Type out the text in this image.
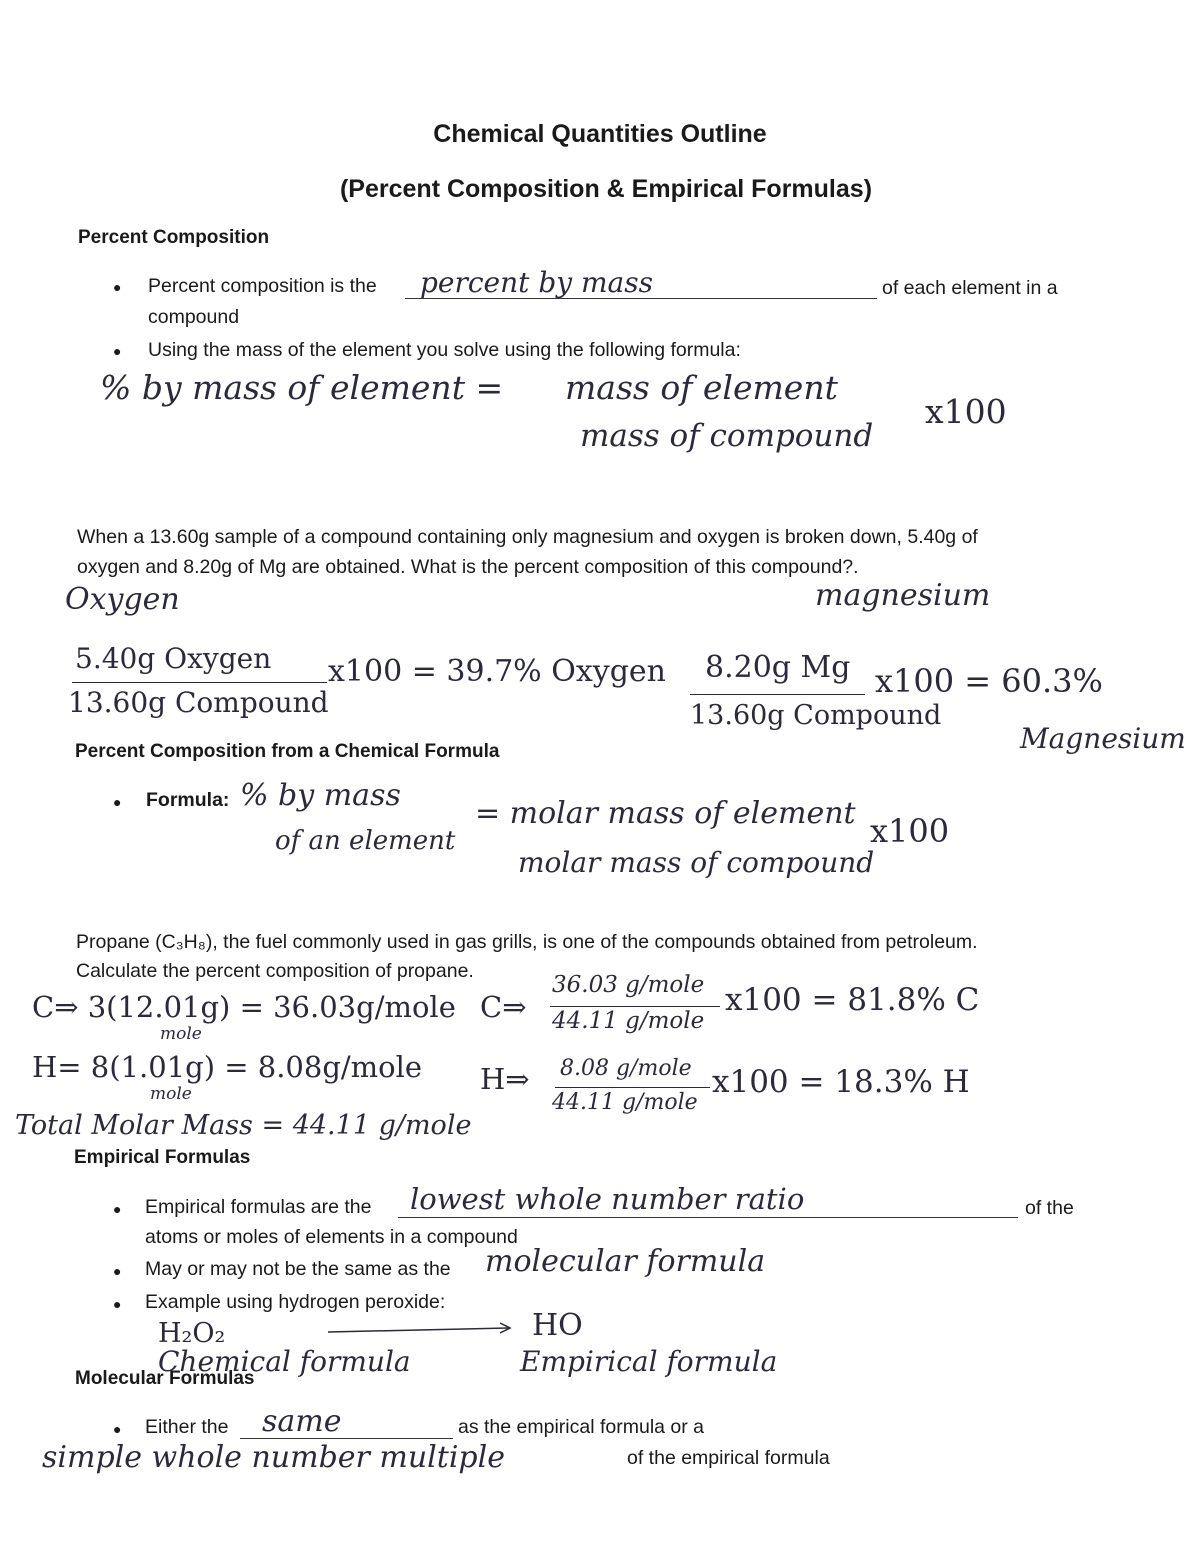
Chemical Quantities Outline
(Percent Composition & Empirical Formulas)
Percent Composition
● Percent composition is the percent by mass	of each element in a
compound
● Using the mass of the element you solve using the following formula:
% by mass of element = mass of element
mass of compound
x100
When a 13.60g sample of a compound containing only magnesium and oxygen is broken down, 5.40g of
oxygen and 8.20g of Mg are obtained. What is the percent composition of this compound?.
Oxygen	magnesium
5.40g Oxygen
13.60g Compound
x100 = 39.7% Oxygen 8.20g Mg
13.60g Compound
x100 = 60.3%
Magnesium
Percent Composition from a Chemical Formula
● Formula: % by mass
of an element
= molar mass of element
molar mass of compound
x100
Propane (C₃H₈), the fuel commonly used in gas grills, is one of the compounds obtained from petroleum.
Calculate the percent composition of propane.
C⇒ 3(12.01g) = 36.03g/mole
mole
H= 8(1.01g) = 8.08g/mole
mole
Total Molar Mass = 44.11 g/mole
C⇒
36.03 g/mole
44.11 g/mole
x100 = 81.8% C
H⇒ 8.08 g/mole
44.11 g/mole
x100 = 18.3% H
Empirical Formulas
● Empirical formulas are the lowest whole number ratio	of the
atoms or moles of elements in a compound
● May or may not be the same as the molecular formula
● Example using hydrogen peroxide:
H₂O₂	HO
Chemical formula	Empirical formula
Molecular Formulas
● Either the same	as the empirical formula or a
simple whole number multiple	of the empirical formula
